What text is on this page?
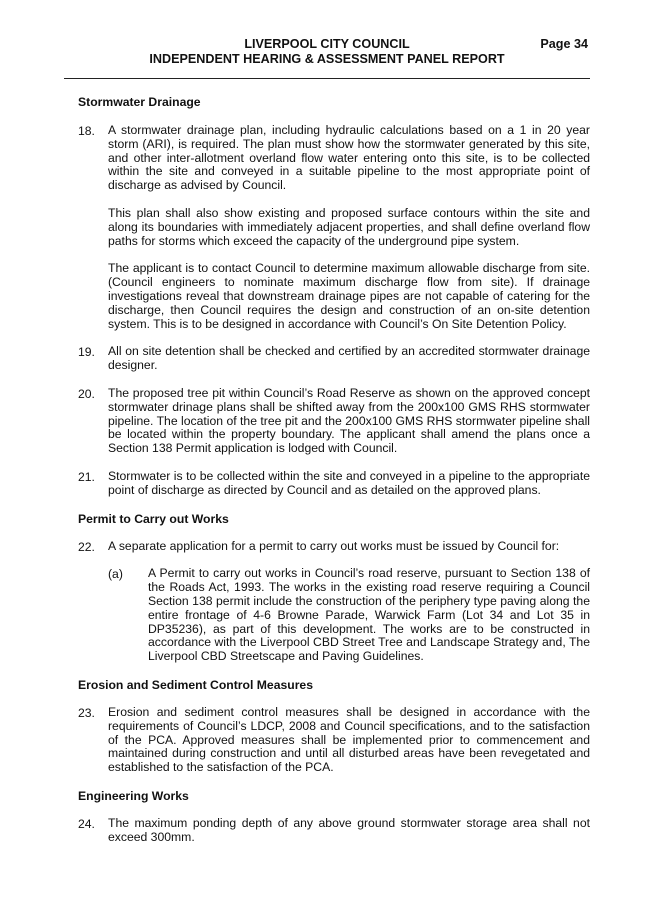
LIVERPOOL CITY COUNCIL
INDEPENDENT HEARING & ASSESSMENT PANEL REPORT
Page 34
Stormwater Drainage
18. A stormwater drainage plan, including hydraulic calculations based on a 1 in 20 year storm (ARI), is required. The plan must show how the stormwater generated by this site, and other inter-allotment overland flow water entering onto this site, is to be collected within the site and conveyed in a suitable pipeline to the most appropriate point of discharge as advised by Council.

This plan shall also show existing and proposed surface contours within the site and along its boundaries with immediately adjacent properties, and shall define overland flow paths for storms which exceed the capacity of the underground pipe system.

The applicant is to contact Council to determine maximum allowable discharge from site. (Council engineers to nominate maximum discharge flow from site). If drainage investigations reveal that downstream drainage pipes are not capable of catering for the discharge, then Council requires the design and construction of an on-site detention system. This is to be designed in accordance with Council’s On Site Detention Policy.

19. All on site detention shall be checked and certified by an accredited stormwater drainage designer.

20. The proposed tree pit within Council’s Road Reserve as shown on the approved concept stormwater drinage plans shall be shifted away from the 200x100 GMS RHS stormwater pipeline. The location of the tree pit and the 200x100 GMS RHS stormwater pipeline shall be located within the property boundary. The applicant shall amend the plans once a Section 138 Permit application is lodged with Council.

21. Stormwater is to be collected within the site and conveyed in a pipeline to the appropriate point of discharge as directed by Council and as detailed on the approved plans.

Permit to Carry out Works
22. A separate application for a permit to carry out works must be issued by Council for:

(a) A Permit to carry out works in Council’s road reserve, pursuant to Section 138 of the Roads Act, 1993. The works in the existing road reserve requiring a Council Section 138 permit include the construction of the periphery type paving along the entire frontage of 4-6 Browne Parade, Warwick Farm (Lot 34 and Lot 35 in DP35236), as part of this development. The works are to be constructed in accordance with the Liverpool CBD Street Tree and Landscape Strategy and, The Liverpool CBD Streetscape and Paving Guidelines.

Erosion and Sediment Control Measures
23. Erosion and sediment control measures shall be designed in accordance with the requirements of Council’s LDCP, 2008 and Council specifications, and to the satisfaction of the PCA. Approved measures shall be implemented prior to commencement and maintained during construction and until all disturbed areas have been revegetated and established to the satisfaction of the PCA.

Engineering Works
24. The maximum ponding depth of any above ground stormwater storage area shall not exceed 300mm.
